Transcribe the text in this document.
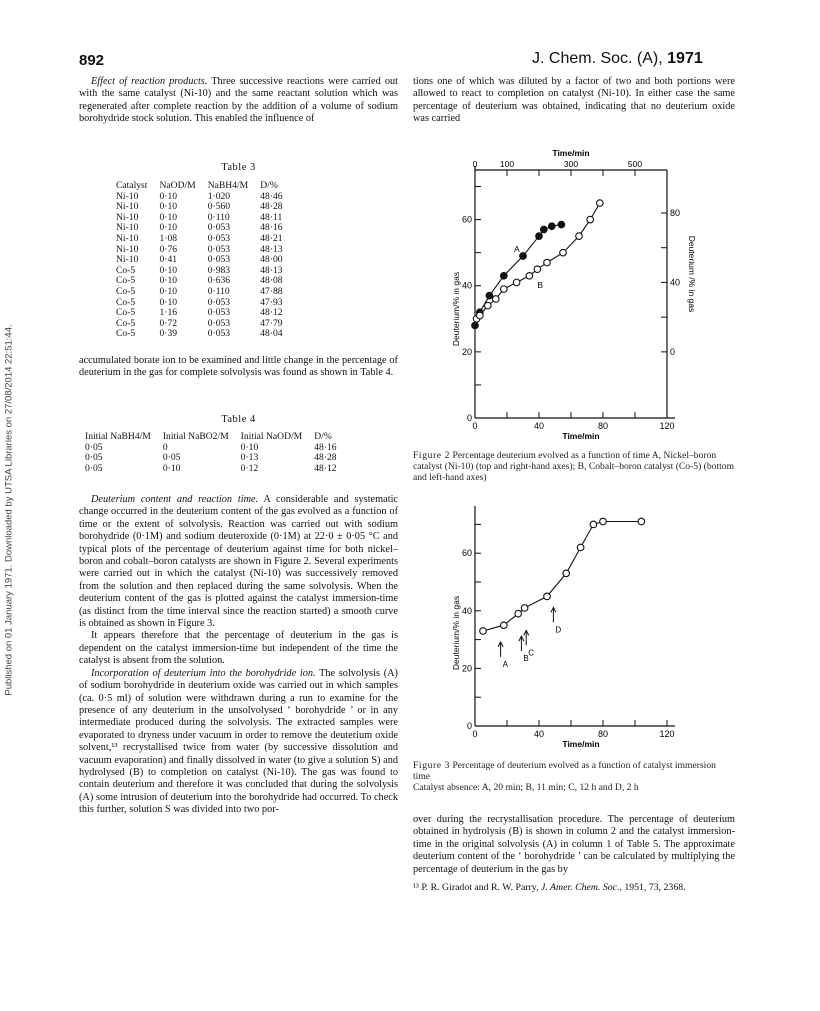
Published on 01 January 1971. Downloaded by UTSA Libraries on 27/08/2014 22:51:44.
892	J. Chem. Soc. (A), 1971

Effect of reaction products. Three successive reactions were carried out with the same catalyst (Ni-10) and the same reactant solution which was regenerated after complete reaction by the addition of a volume of sodium borohydride stock solution. This enabled the influence of

Table 3
Catalyst	NaOD/M	NaBH4/M	D/%
Ni-10	0·10	1·020	48·46
Ni-10	0·10	0·560	48·28
Ni-10	0·10	0·110	48·11
Ni-10	0·10	0·053	48·16
Ni-10	1·08	0·053	48·21
Ni-10	0·76	0·053	48·13
Ni-10	0·41	0·053	48·00
Co-5	0·10	0·983	48·13
Co-5	0·10	0·636	48·08
Co-5	0·10	0·110	47·88
Co-5	0·10	0·053	47·93
Co-5	1·16	0·053	48·12
Co-5	0·72	0·053	47·79
Co-5	0·39	0·053	48·04

accumulated borate ion to be examined and little change in the percentage of deuterium in the gas for complete solvolysis was found as shown in Table 4.

Table 4
Initial NaBH4/M	Initial NaBO2/M	Initial NaOD/M	D/%
0·05	0	0·10	48·16
0·05	0·05	0·13	48·28
0·05	0·10	0·12	48·12

Deuterium content and reaction time. A considerable and systematic change occurred in the deuterium content of the gas evolved as a function of time or the extent of solvolysis. Reaction was carried out with sodium borohydride (0·1M) and sodium deuteroxide (0·1M) at 22·0 ± 0·05 °C and typical plots of the percentage of deuterium against time for both nickel–boron and cobalt–boron catalysts are shown in Figure 2. Several experiments were carried out in which the catalyst (Ni-10) was successively removed from the solution and then replaced during the same solvolysis. When the deuterium content of the gas is plotted against the catalyst immersion-time (as distinct from the time interval since the reaction started) a smooth curve is obtained as shown in Figure 3.

It appears therefore that the percentage of deuterium in the gas is dependent on the catalyst immersion-time but independent of the time the catalyst is absent from the solution.

Incorporation of deuterium into the borohydride ion. The solvolysis (A) of sodium borohydride in deuterium oxide was carried out in which samples (ca. 0·5 ml) of solution were withdrawn during a run to examine for the presence of any deuterium in the unsolvolysed ‘ borohydride ’ or in any intermediate produced during the solvolysis. The extracted samples were evaporated to dryness under vacuum in order to remove the deuterium oxide solvent,¹³ recrystallised twice from water (by successive dissolution and vacuum evaporation) and finally dissolved in water (to give a solution S) and hydrolysed (B) to completion on catalyst (Ni-10). The gas was found to contain deuterium and therefore it was concluded that during the solvolysis (A) some intrusion of deuterium into the borohydride had occurred. To check this further, solution S was divided into two por-

tions one of which was diluted by a factor of two and both portions were allowed to react to completion on catalyst (Ni-10). In either case the same percentage of deuterium was obtained, indicating that no deuterium oxide was carried

0	40	80	120
Time/min
0
20
40
60
Deuterium/% in gas
0	100	300	500
Time/min
0
40
80
Deuterium /% in gas
A
B
Figure 2 Percentage deuterium evolved as a function of time A, Nickel–boron catalyst (Ni-10) (top and right-hand axes); B, Cobalt–boron catalyst (Co-5) (bottom and left-hand axes)
0	40	80	120
Time/min
0
20
40
60
Deuterium/% in gas	A
B
C
D
Figure 3 Percentage of deuterium evolved as a function of catalyst immersion time
Catalyst absence: A, 20 min; B, 11 min; C, 12 h and D, 2 h

over during the recrystallisation procedure. The percentage of deuterium obtained in hydrolysis (B) is shown in column 2 and the catalyst immersion-time in the original solvolysis (A) in column 1 of Table 5. The approximate deuterium content of the ‘ borohydride ’ can be calculated by multiplying the percentage of deuterium in the gas by

¹³ P. R. Giradot and R. W. Parry, J. Amer. Chem. Soc., 1951, 73, 2368.
